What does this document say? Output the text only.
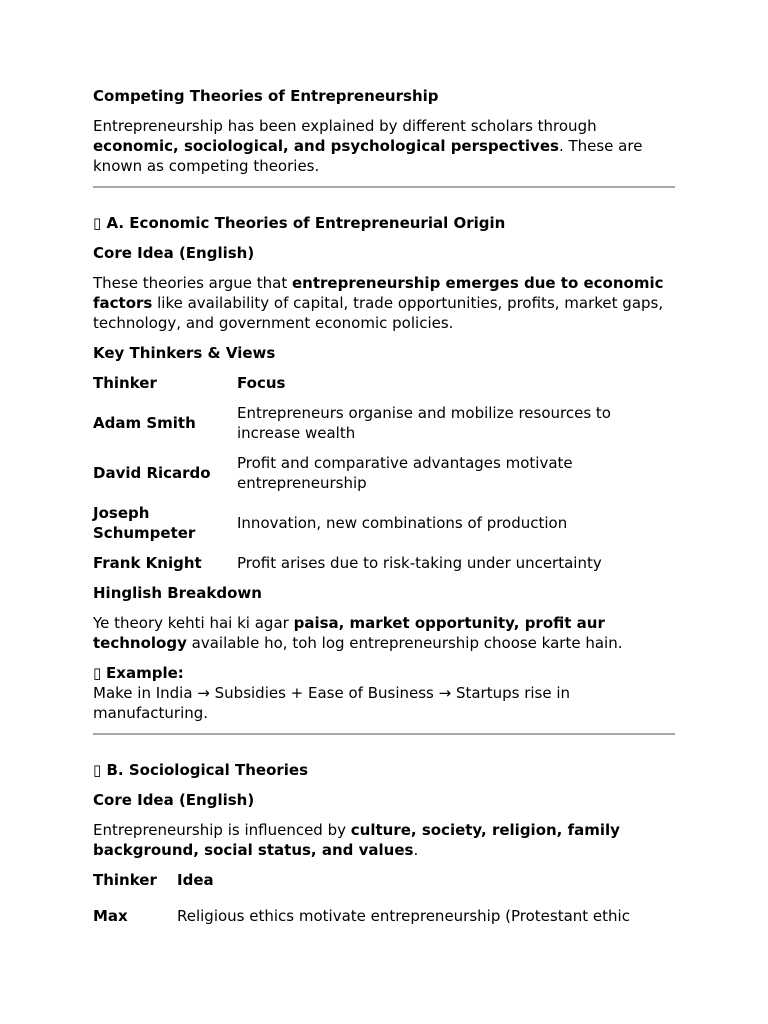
Competing Theories of Entrepreneurship

Entrepreneurship has been explained by different scholars through economic, sociological, and psychological perspectives. These are known as competing theories.

▯ A. Economic Theories of Entrepreneurial Origin

Core Idea (English)

These theories argue that entrepreneurship emerges due to economic factors like availability of capital, trade opportunities, profits, market gaps, technology, and government economic policies.

Key Thinkers & Views

Thinker	Focus
Adam Smith	Entrepreneurs organise and mobilize resources to increase wealth
David Ricardo	Profit and comparative advantages motivate entrepreneurship
Joseph Schumpeter	Innovation, new combinations of production
Frank Knight	Profit arises due to risk-taking under uncertainty

Hinglish Breakdown

Ye theory kehti hai ki agar paisa, market opportunity, profit aur technology available ho, toh log entrepreneurship choose karte hain.

▯ Example:
Make in India → Subsidies + Ease of Business → Startups rise in manufacturing.

▯ B. Sociological Theories

Core Idea (English)

Entrepreneurship is influenced by culture, society, religion, family background, social status, and values.

Thinker	Idea
Max	Religious ethics motivate entrepreneurship (Protestant ethic
